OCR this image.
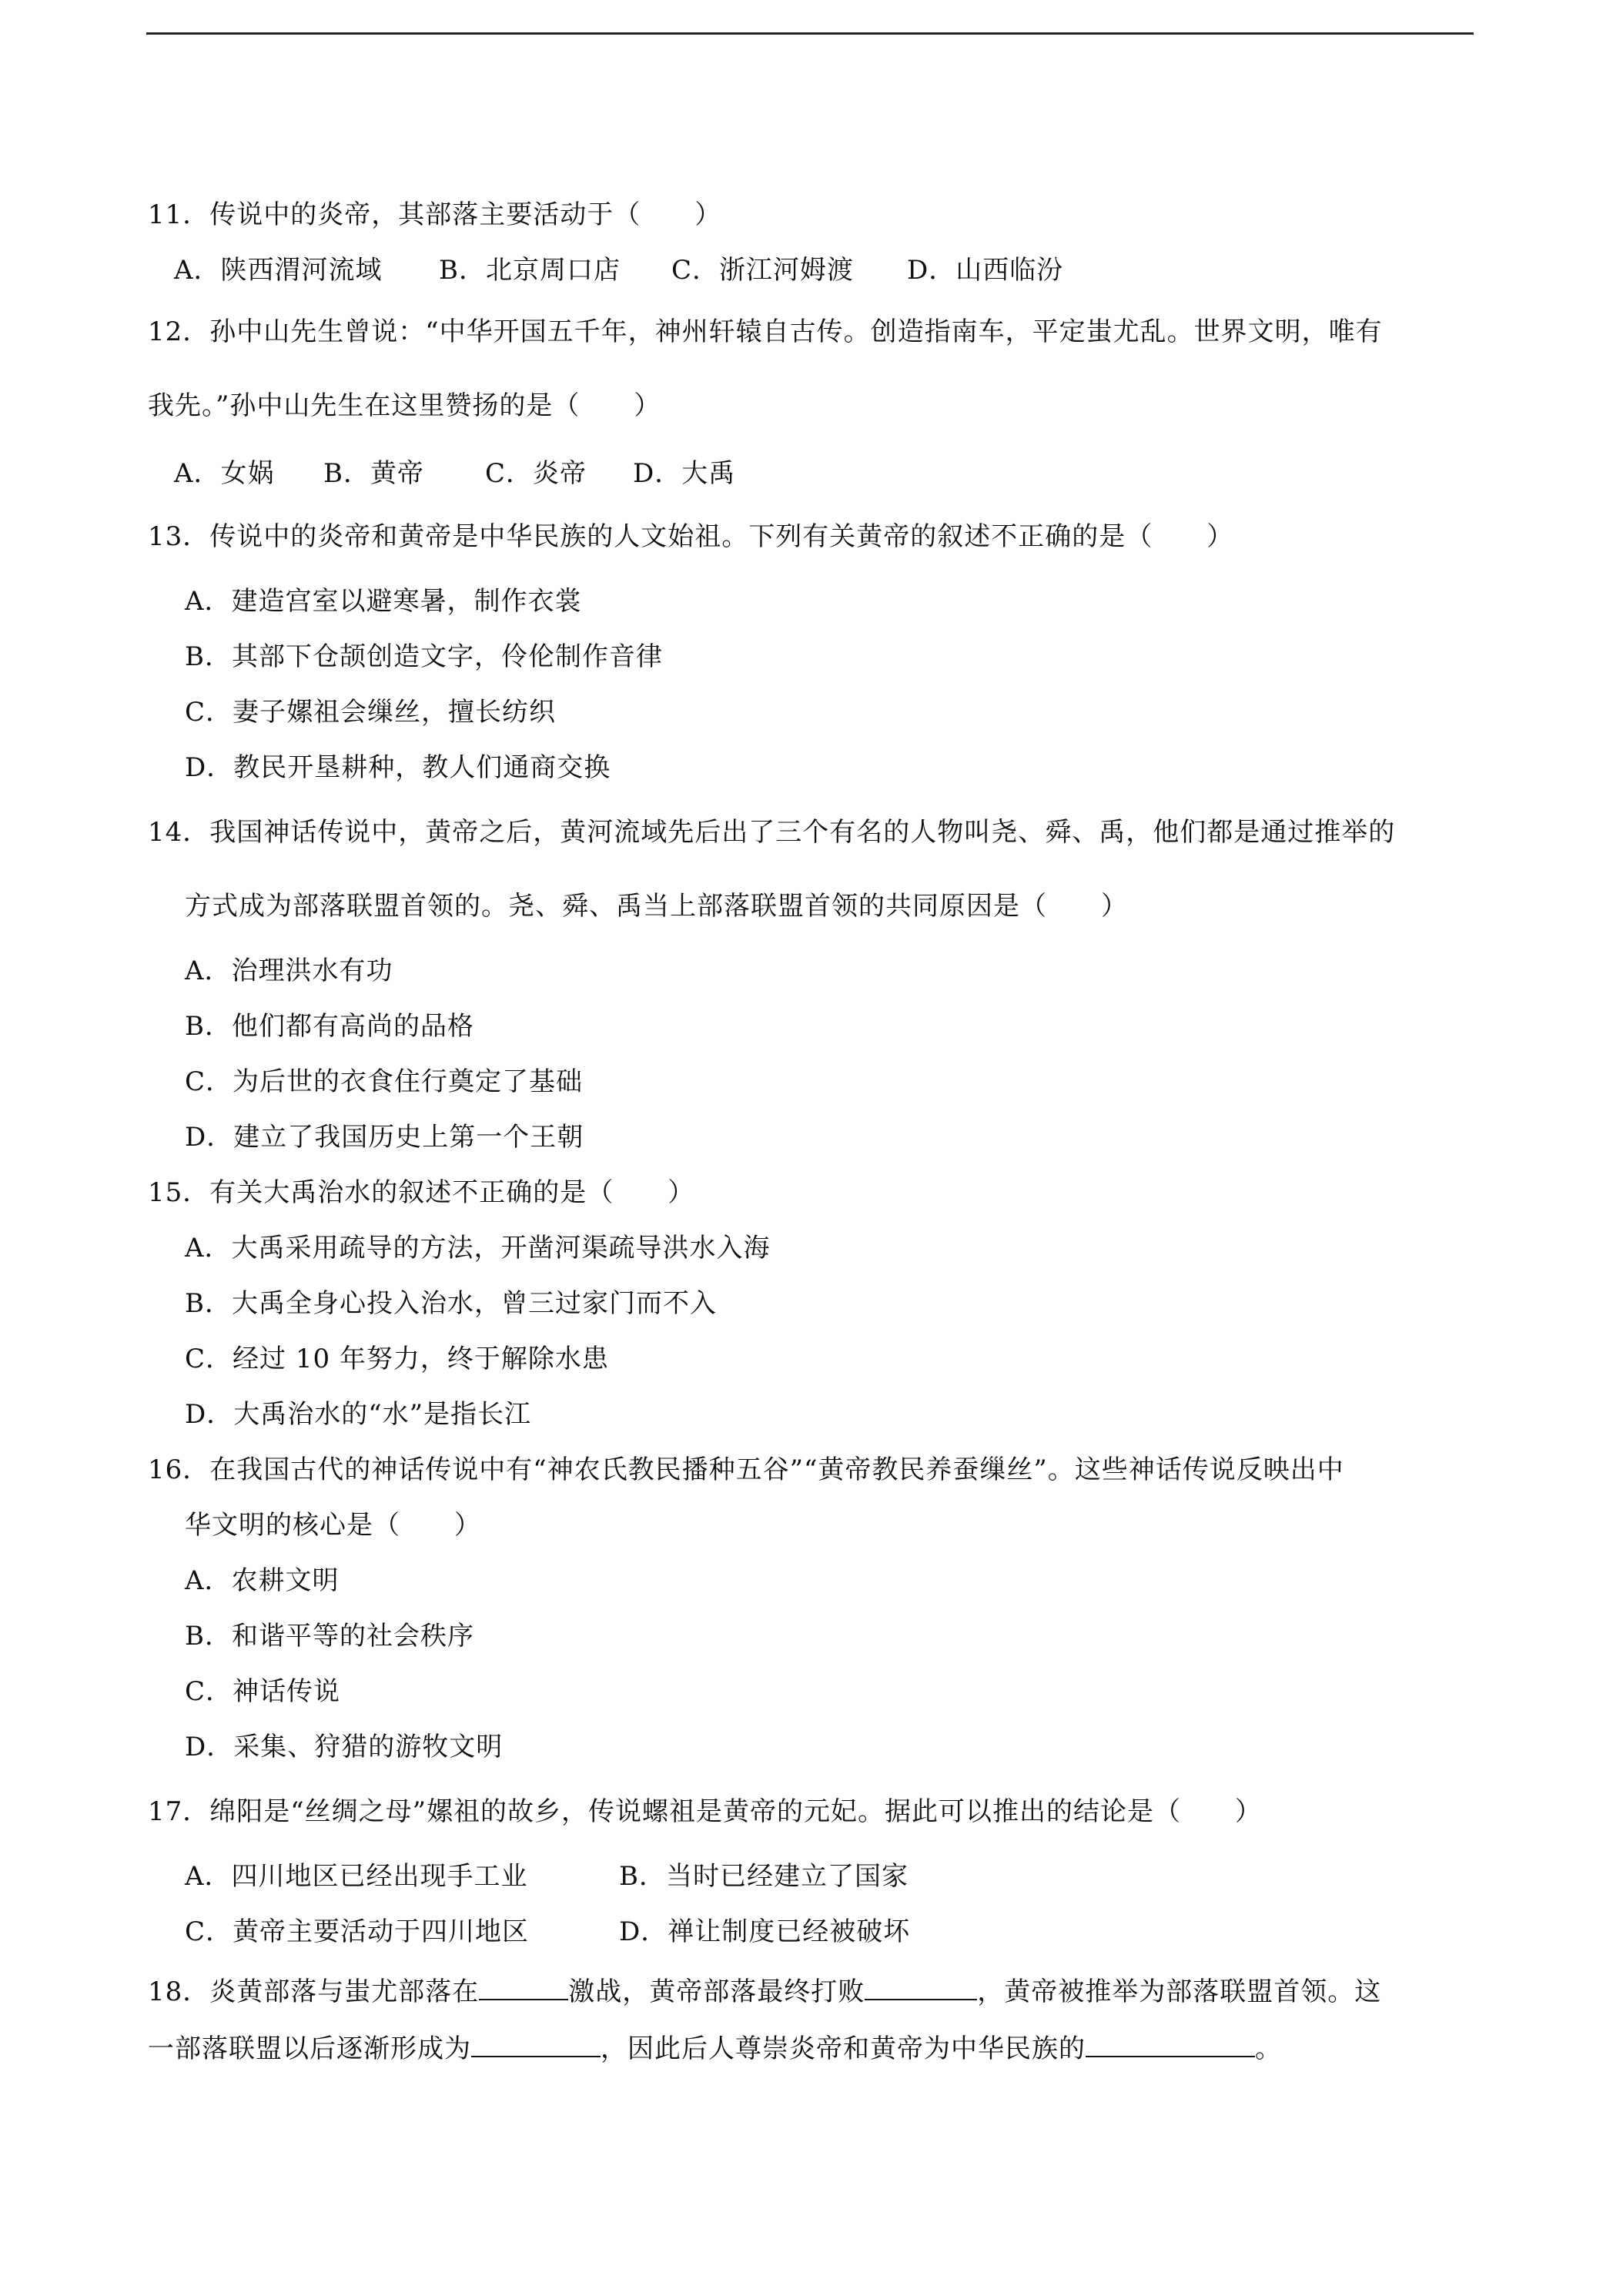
11．传说中的炎帝，其部落主要活动于（　　）
A．陕西渭河流域 B．北京周口店 C．浙江河姆渡 D．山西临汾
12．孙中山先生曾说：“中华开国五千年，神州轩辕自古传。创造指南车，平定蚩尤乱。世界文明，唯有
我先。”孙中山先生在这里赞扬的是（　　）
A．女娲 B．黄帝 C．炎帝 D．大禹
13．传说中的炎帝和黄帝是中华民族的人文始祖。下列有关黄帝的叙述不正确的是（　　）
A．建造宫室以避寒暑，制作衣裳
B．其部下仓颉创造文字，伶伦制作音律
C．妻子嫘祖会缫丝，擅长纺织
D．教民开垦耕种，教人们通商交换
14．我国神话传说中，黄帝之后，黄河流域先后出了三个有名的人物叫尧、舜、禹，他们都是通过推举的
方式成为部落联盟首领的。尧、舜、禹当上部落联盟首领的共同原因是（　　）
A．治理洪水有功
B．他们都有高尚的品格
C．为后世的衣食住行奠定了基础
D．建立了我国历史上第一个王朝
15．有关大禹治水的叙述不正确的是（　　）
A．大禹采用疏导的方法，开凿河渠疏导洪水入海
B．大禹全身心投入治水，曾三过家门而不入
C．经过 10 年努力，终于解除水患
D．大禹治水的“水”是指长江
16．在我国古代的神话传说中有“神农氏教民播种五谷”“黄帝教民养蚕缫丝”。这些神话传说反映出中
华文明的核心是（　　）
A．农耕文明
B．和谐平等的社会秩序
C．神话传说
D．采集、狩猎的游牧文明
17．绵阳是“丝绸之母”嫘祖的故乡，传说螺祖是黄帝的元妃。据此可以推出的结论是（　　）
A．四川地区已经出现手工业	B．当时已经建立了国家
C．黄帝主要活动于四川地区	D．禅让制度已经被破坏
18．炎黄部落与蚩尤部落在	激战，黄帝部落最终打败	，黄帝被推举为部落联盟首领。这
一部落联盟以后逐渐形成为	，因此后人尊崇炎帝和黄帝为中华民族的	。
